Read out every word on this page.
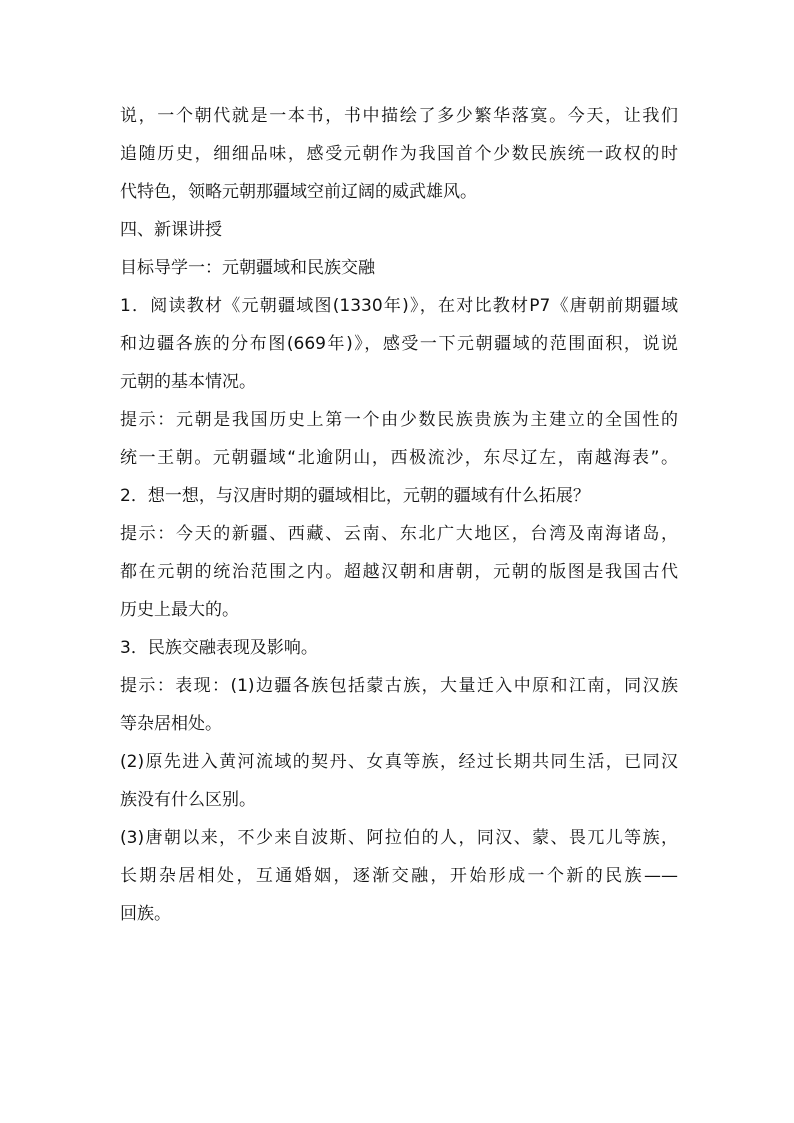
说，一个朝代就是一本书，书中描绘了多少繁华落寞。今天，让我们
追随历史，细细品味，感受元朝作为我国首个少数民族统一政权的时
代特色，领略元朝那疆域空前辽阔的威武雄风。
四、新课讲授
目标导学一：元朝疆域和民族交融
1．阅读教材《元朝疆域图(1330年)》，在对比教材P7《唐朝前期疆域
和边疆各族的分布图(669年)》，感受一下元朝疆域的范围面积，说说
元朝的基本情况。
提示：元朝是我国历史上第一个由少数民族贵族为主建立的全国性的
统一王朝。元朝疆域“北逾阴山，西极流沙，东尽辽左，南越海表”。
2．想一想，与汉唐时期的疆域相比，元朝的疆域有什么拓展？
提示：今天的新疆、西藏、云南、东北广大地区，台湾及南海诸岛，
都在元朝的统治范围之内。超越汉朝和唐朝，元朝的版图是我国古代
历史上最大的。
3．民族交融表现及影响。
提示：表现：(1)边疆各族包括蒙古族，大量迁入中原和江南，同汉族
等杂居相处。
(2)原先进入黄河流域的契丹、女真等族，经过长期共同生活，已同汉
族没有什么区别。
(3)唐朝以来，不少来自波斯、阿拉伯的人，同汉、蒙、畏兀儿等族，
长期杂居相处，互通婚姻，逐渐交融，开始形成一个新的民族——
回族。
